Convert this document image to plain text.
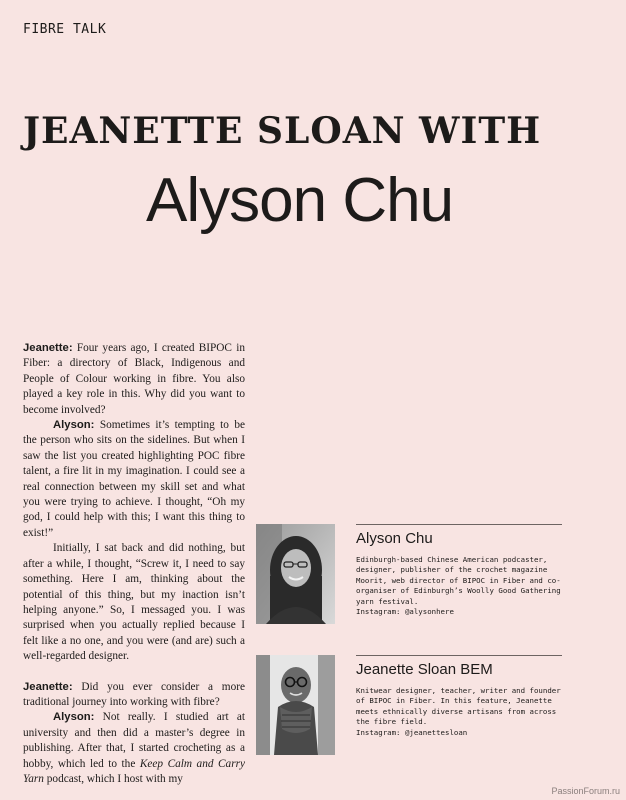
FIBRE TALK
JEANETTE SLOAN WITH
Alyson Chu

Jeanette: Four years ago, I created BIPOC in Fiber: a directory of Black, Indigenous and People of Colour working in fibre. You also played a key role in this. Why did you want to become involved?

Alyson: Sometimes it’s tempting to be the person who sits on the sidelines. But when I saw the list you created highlighting POC fibre talent, a fire lit in my imagination. I could see a real connection between my skill set and what you were trying to achieve. I thought, “Oh my god, I could help with this; I want this thing to exist!”

Initially, I sat back and did nothing, but after a while, I thought, “Screw it, I need to say something. Here I am, thinking about the potential of this thing, but my inaction isn’t helping anyone.” So, I messaged you. I was surprised when you actually replied because I felt like a no one, and you were (and are) such a well-regarded designer.

Jeanette: Did you ever consider a more traditional journey into working with fibre?

Alyson: Not really. I studied art at university and then did a master’s degree in publishing. After that, I started crocheting as a hobby, which led to the Keep Calm and Carry Yarn podcast, which I host with my

Alyson Chu
Edinburgh-based Chinese American podcaster, designer, publisher of the crochet magazine Moorit, web director of BIPOC in Fiber and co-organiser of Edinburgh’s Woolly Good Gathering yarn festival.
Instagram: @alysonhere
Jeanette Sloan BEM
Knitwear designer, teacher, writer and founder of BIPOC in Fiber. In this feature, Jeanette meets ethnically diverse artisans from across the fibre field.
Instagram: @jeanettesloan
PassionForum.ru
